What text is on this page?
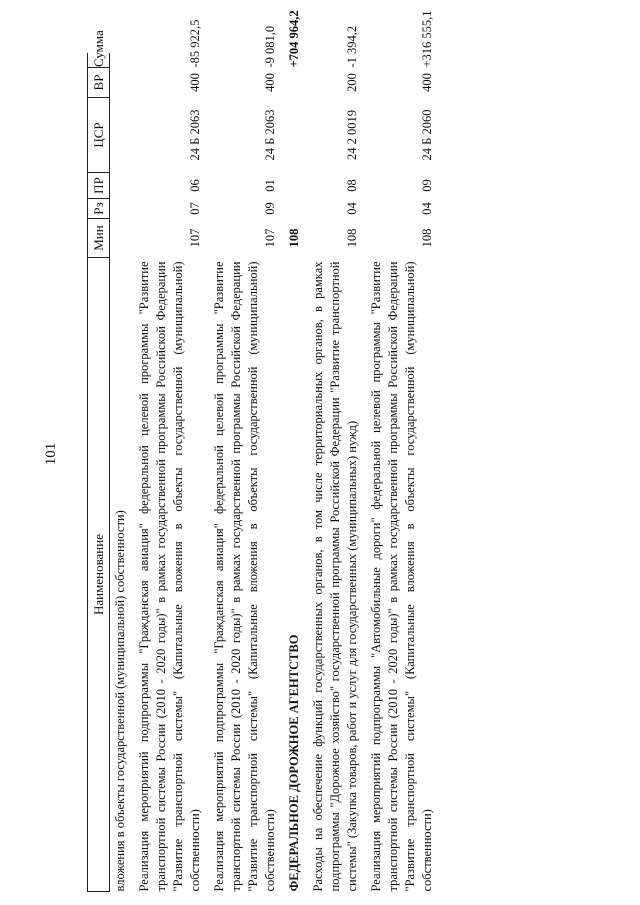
101
Наименование	Мин	Рз	ПР	ЦСР	ВР	Сумма
вложения в объекты государственной (муниципальной) собственности)						
Реализация мероприятий подпрограммы "Гражданская авиация" федеральной целевой программы "Развитие транспортной системы России (2010 - 2020 годы)" в рамках государственной программы Российской Федерации "Развитие транспортной системы" (Капитальные вложения в объекты государственной (муниципальной) собственности)	107	07	06	24 Б 2063	400	-85 922,5
Реализация мероприятий подпрограммы "Гражданская авиация" федеральной целевой программы "Развитие транспортной системы России (2010 - 2020 годы)" в рамках государственной программы Российской Федерации "Развитие транспортной системы" (Капитальные вложения в объекты государственной (муниципальной) собственности)	107	09	01	24 Б 2063	400	-9 081,0
ФЕДЕРАЛЬНОЕ ДОРОЖНОЕ АГЕНТСТВО	108					+704 964,2
Расходы на обеспечение функций государственных органов, в том числе территориальных органов, в рамках подпрограммы "Дорожное хозяйство" государственной программы Российской Федерации "Развитие транспортной системы" (Закупка товаров, работ и услуг для государственных (муниципальных) нужд)	108	04	08	24 2 0019	200	-1 394,2
Реализация мероприятий подпрограммы "Автомобильные дороги" федеральной целевой программы "Развитие транспортной системы России (2010 - 2020 годы)" в рамках государственной программы Российской Федерации "Развитие транспортной системы" (Капитальные вложения в объекты государственной (муниципальной) собственности)	108	04	09	24 Б 2060	400	+316 555,1
